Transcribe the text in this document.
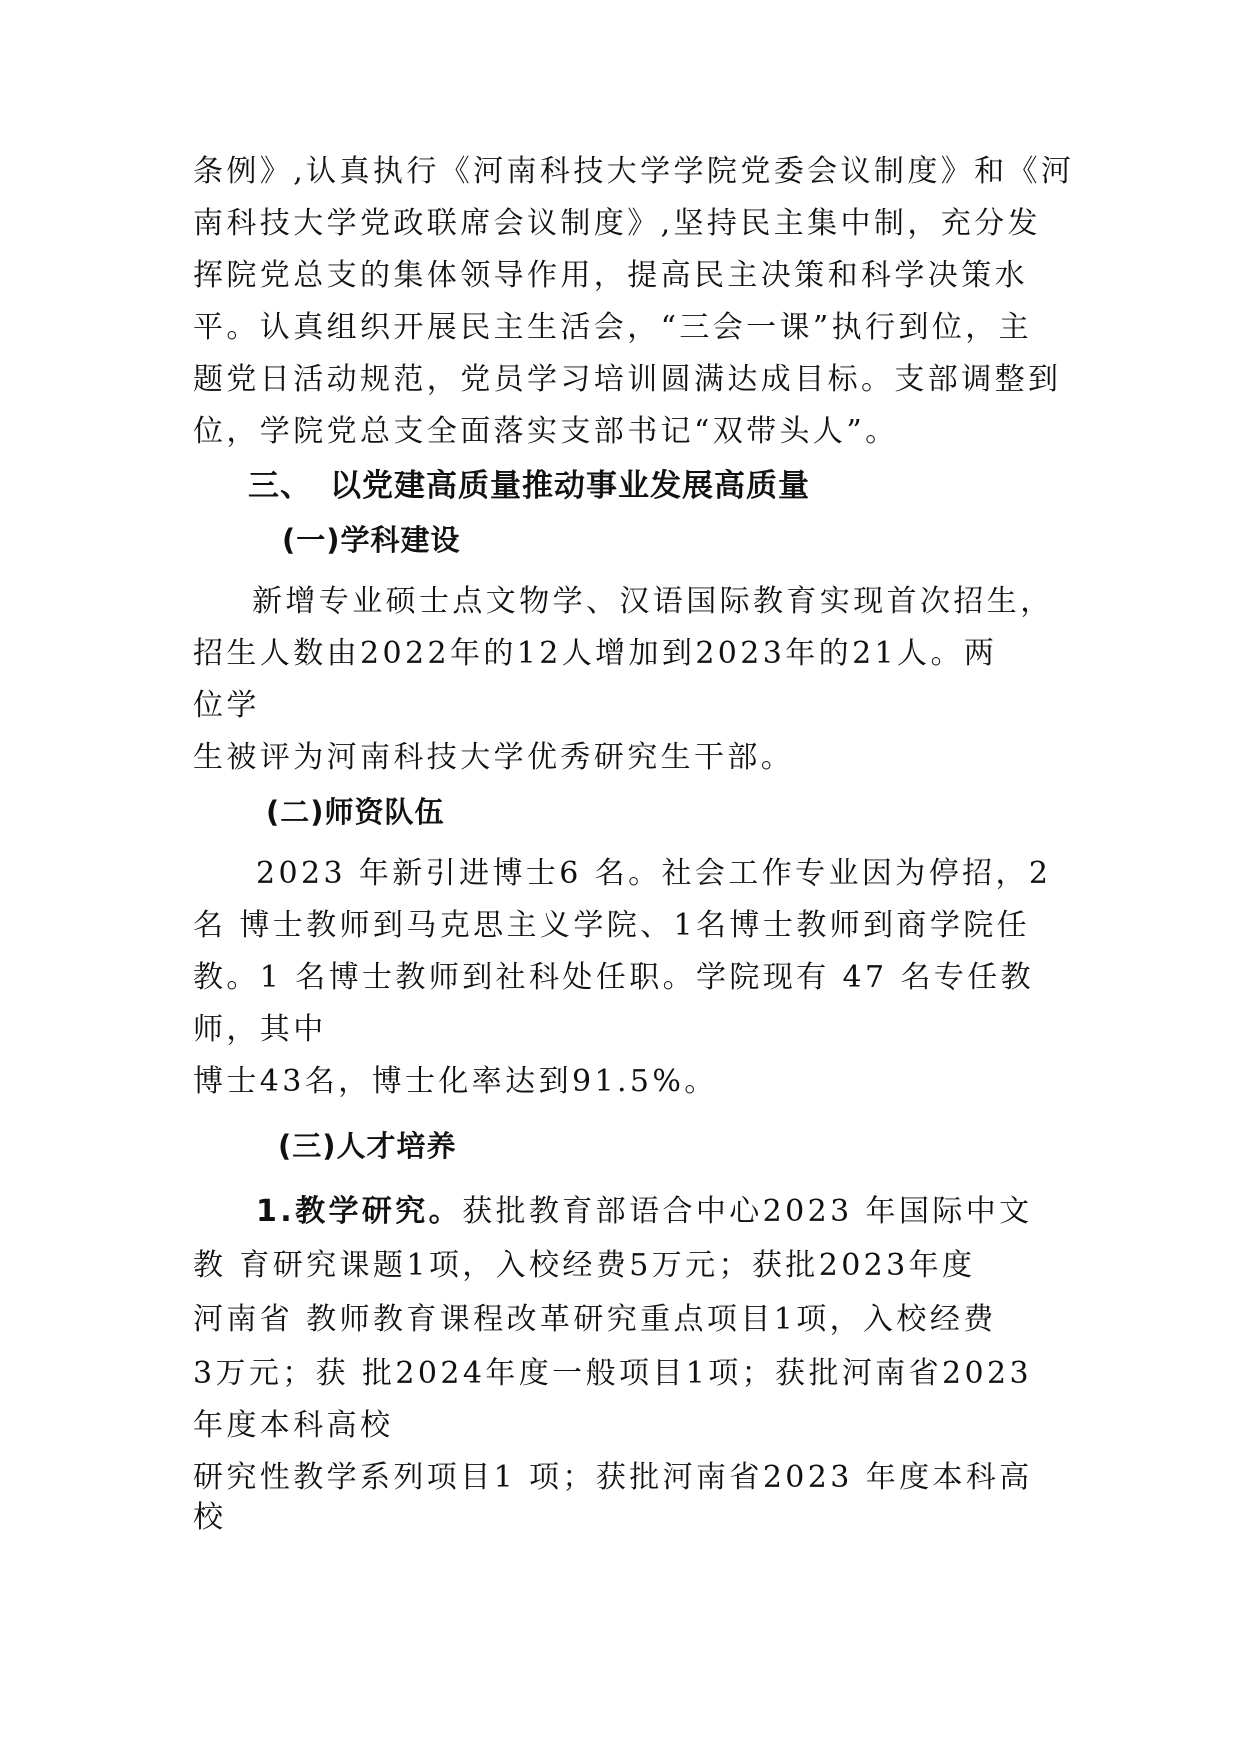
条例》,认真执行《河南科技大学学院党委会议制度》和《河

南科技大学党政联席会议制度》,坚持民主集中制，充分发

挥院党总支的集体领导作用，提高民主决策和科学决策水

平。认真组织开展民主生活会，“三会一课”执行到位，主

题党日活动规范，党员学习培训圆满达成目标。支部调整到

位，学院党总支全面落实支部书记“双带头人”。

三、 以党建高质量推动事业发展高质量

(一)学科建设

新增专业硕士点文物学、汉语国际教育实现首次招生，

招生人数由2022年的12人增加到2023年的21人。两

位学

生被评为河南科技大学优秀研究生干部。

(二)师资队伍

2023 年新引进博士6 名。社会工作专业因为停招，2

名 博士教师到马克思主义学院、1名博士教师到商学院任

教。1 名博士教师到社科处任职。学院现有 47 名专任教

师，其中

博士43名，博士化率达到91.5%。

(三)人才培养

1.教学研究。获批教育部语合中心2023 年国际中文

教 育研究课题1项，入校经费5万元；获批2023年度

河南省 教师教育课程改革研究重点项目1项，入校经费

3万元；获 批2024年度一般项目1项；获批河南省2023

年度本科高校

研究性教学系列项目1 项；获批河南省2023 年度本科高

校
